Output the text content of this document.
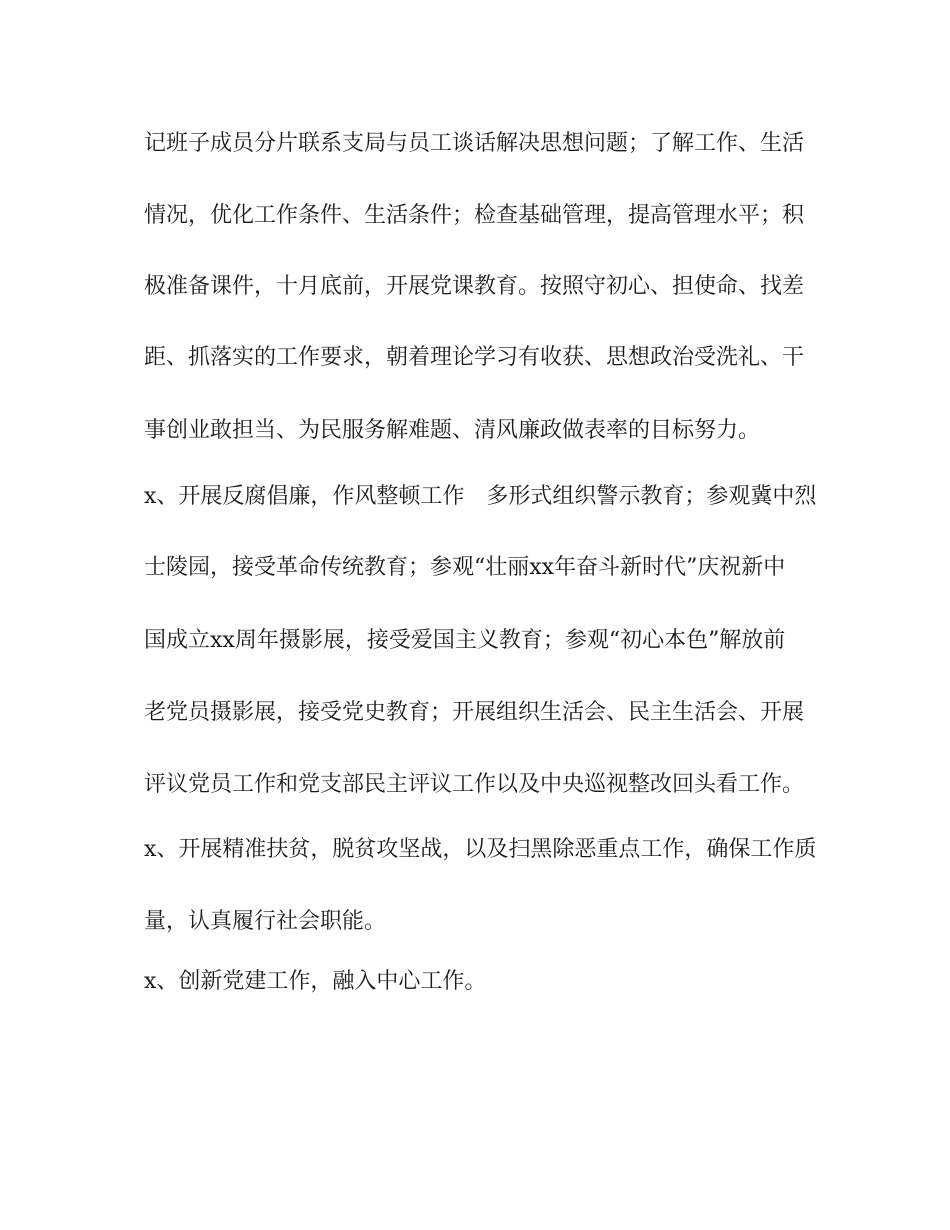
记班子成员分片联系支局与员工谈话解决思想问题；了解工作、生活
情况，优化工作条件、生活条件；检查基础管理，提高管理水平；积
极准备课件，十月底前，开展党课教育。按照守初心、担使命、找差
距、抓落实的工作要求，朝着理论学习有收获、思想政治受洗礼、干
事创业敢担当、为民服务解难题、清风廉政做表率的目标努力。
x、开展反腐倡廉，作风整顿工作　多形式组织警示教育；参观冀中烈
士陵园，接受革命传统教育；参观“壮丽xx年奋斗新时代”庆祝新中
国成立xx周年摄影展，接受爱国主义教育；参观“初心本色”解放前
老党员摄影展，接受党史教育；开展组织生活会、民主生活会、开展
评议党员工作和党支部民主评议工作以及中央巡视整改回头看工作。
x、开展精准扶贫，脱贫攻坚战，以及扫黑除恶重点工作，确保工作质
量，认真履行社会职能。
x、创新党建工作，融入中心工作。
